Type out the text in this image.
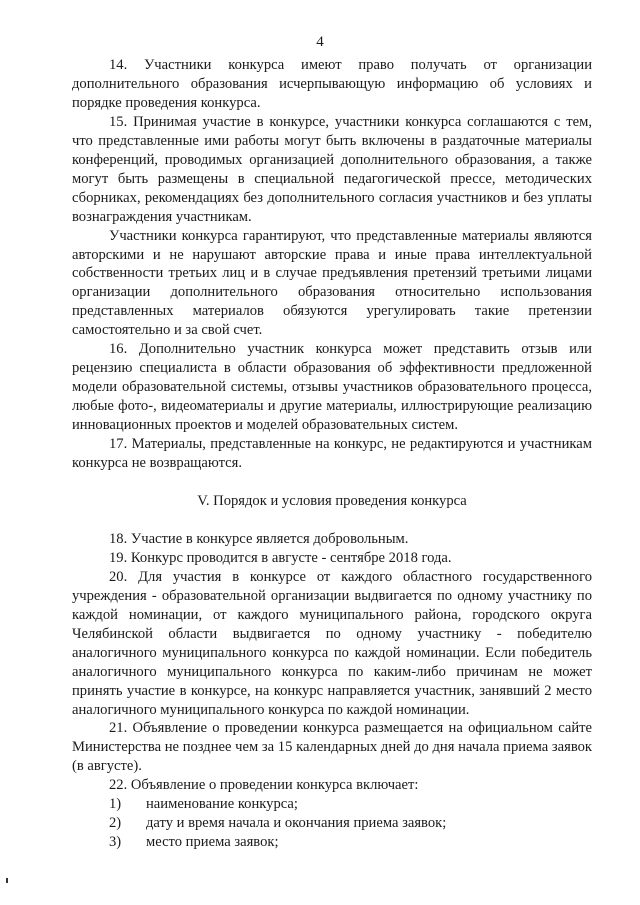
4

14. Участники конкурса имеют право получать от организации дополнительного образования исчерпывающую информацию об условиях и порядке проведения конкурса.

15. Принимая участие в конкурсе, участники конкурса соглашаются с тем, что представленные ими работы могут быть включены в раздаточные материалы конференций, проводимых организацией дополнительного образования, а также могут быть размещены в специальной педагогической прессе, методических сборниках, рекомендациях без дополнительного согласия участников и без уплаты вознаграждения участникам.

Участники конкурса гарантируют, что представленные материалы являются авторскими и не нарушают авторские права и иные права интеллектуальной собственности третьих лиц и в случае предъявления претензий третьими лицами организации дополнительного образования относительно использования представленных материалов обязуются урегулировать такие претензии самостоятельно и за свой счет.

16. Дополнительно участник конкурса может представить отзыв или рецензию специалиста в области образования об эффективности предложенной модели образовательной системы, отзывы участников образовательного процесса, любые фото-, видеоматериалы и другие материалы, иллюстрирующие реализацию инновационных проектов и моделей образовательных систем.

17. Материалы, представленные на конкурс, не редактируются и участникам конкурса не возвращаются.

V. Порядок и условия проведения конкурса

18. Участие в конкурсе является добровольным.

19. Конкурс проводится в августе - сентябре 2018 года.

20. Для участия в конкурсе от каждого областного государственного учреждения - образовательной организации выдвигается по одному участнику по каждой номинации, от каждого муниципального района, городского округа Челябинской области выдвигается по одному участнику - победителю аналогичного муниципального конкурса по каждой номинации. Если победитель аналогичного муниципального конкурса по каким-либо причинам не может принять участие в конкурсе, на конкурс направляется участник, занявший 2 место аналогичного муниципального конкурса по каждой номинации.

21. Объявление о проведении конкурса размещается на официальном сайте Министерства не позднее чем за 15 календарных дней до дня начала приема заявок (в августе).

22. Объявление о проведении конкурса включает:

1)	наименование конкурса;
2)	дату и время начала и окончания приема заявок;
3)	место приема заявок;
